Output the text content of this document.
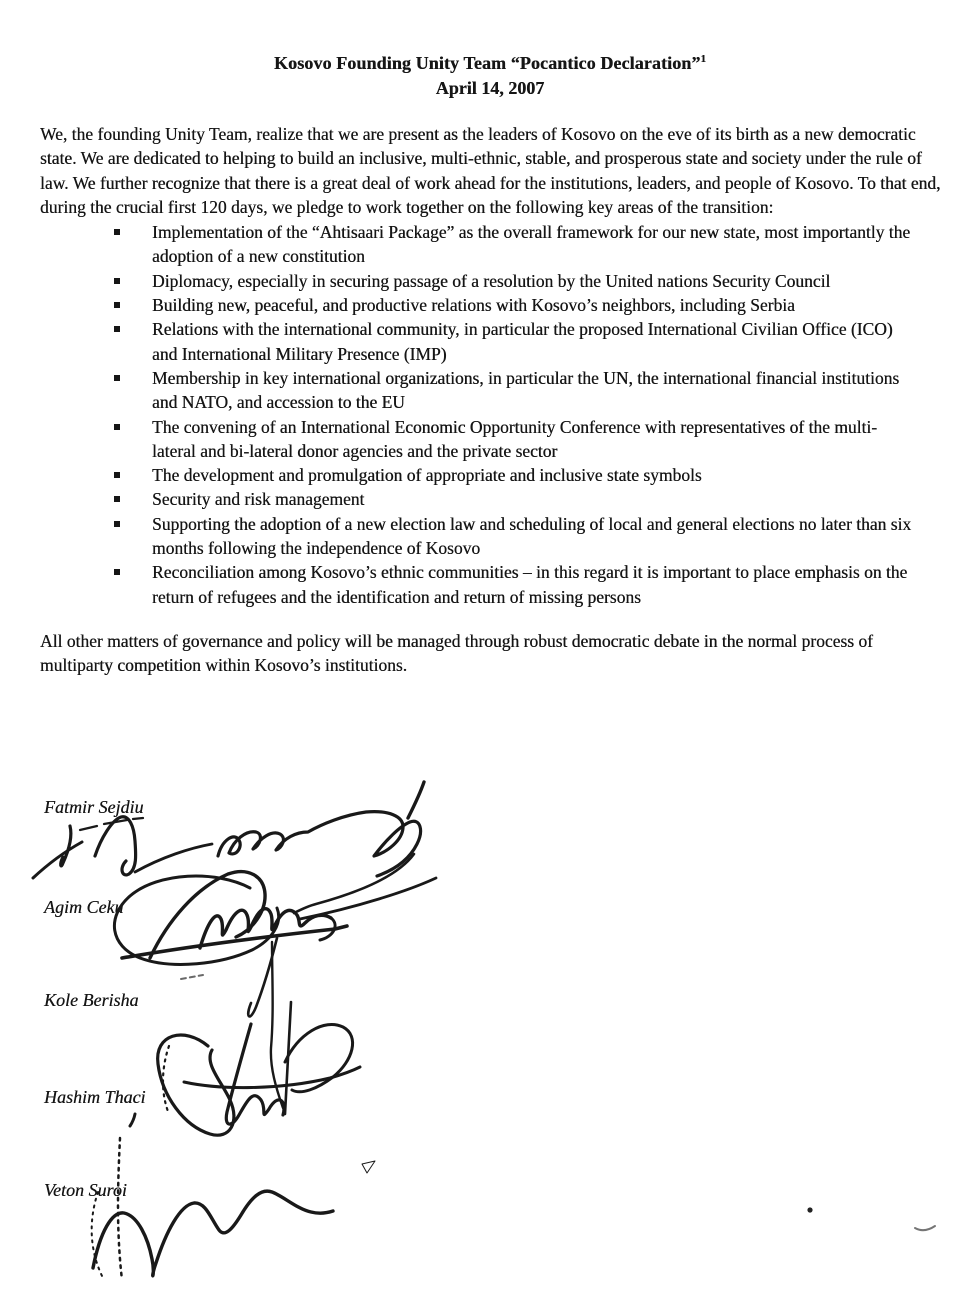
Kosovo Founding Unity Team “Pocantico Declaration”$^1$
April 14, 2007

We, the founding Unity Team, realize that we are present as the leaders of Kosovo on the eve of its birth as a new democratic state. We are dedicated to helping to build an inclusive, multi-ethnic, stable, and prosperous state and society under the rule of law. We further recognize that there is a great deal of work ahead for the institutions, leaders, and people of Kosovo. To that end, during the crucial first 120 days, we pledge to work together on the following key areas of the transition:

Implementation of the “Ahtisaari Package” as the overall framework for our new state, most importantly the adoption of a new constitution
Diplomacy, especially in securing passage of a resolution by the United nations Security Council
Building new, peaceful, and productive relations with Kosovo’s neighbors, including Serbia
Relations with the international community, in particular the proposed International Civilian Office (ICO) and International Military Presence (IMP)
Membership in key international organizations, in particular the UN, the international financial institutions and NATO, and accession to the EU
The convening of an International Economic Opportunity Conference with representatives of the multi-lateral and bi-lateral donor agencies and the private sector
The development and promulgation of appropriate and inclusive state symbols
Security and risk management
Supporting the adoption of a new election law and scheduling of local and general elections no later than six months following the independence of Kosovo
Reconciliation among Kosovo’s ethnic communities – in this regard it is important to place emphasis on the return of refugees and the identification and return of missing persons

All other matters of governance and policy will be managed through robust democratic debate in the normal process of multiparty competition within Kosovo’s institutions.

Fatmir Sejdiu
Agim Ceku
Kole Berisha
Hashim Thaci
Veton Suroi
